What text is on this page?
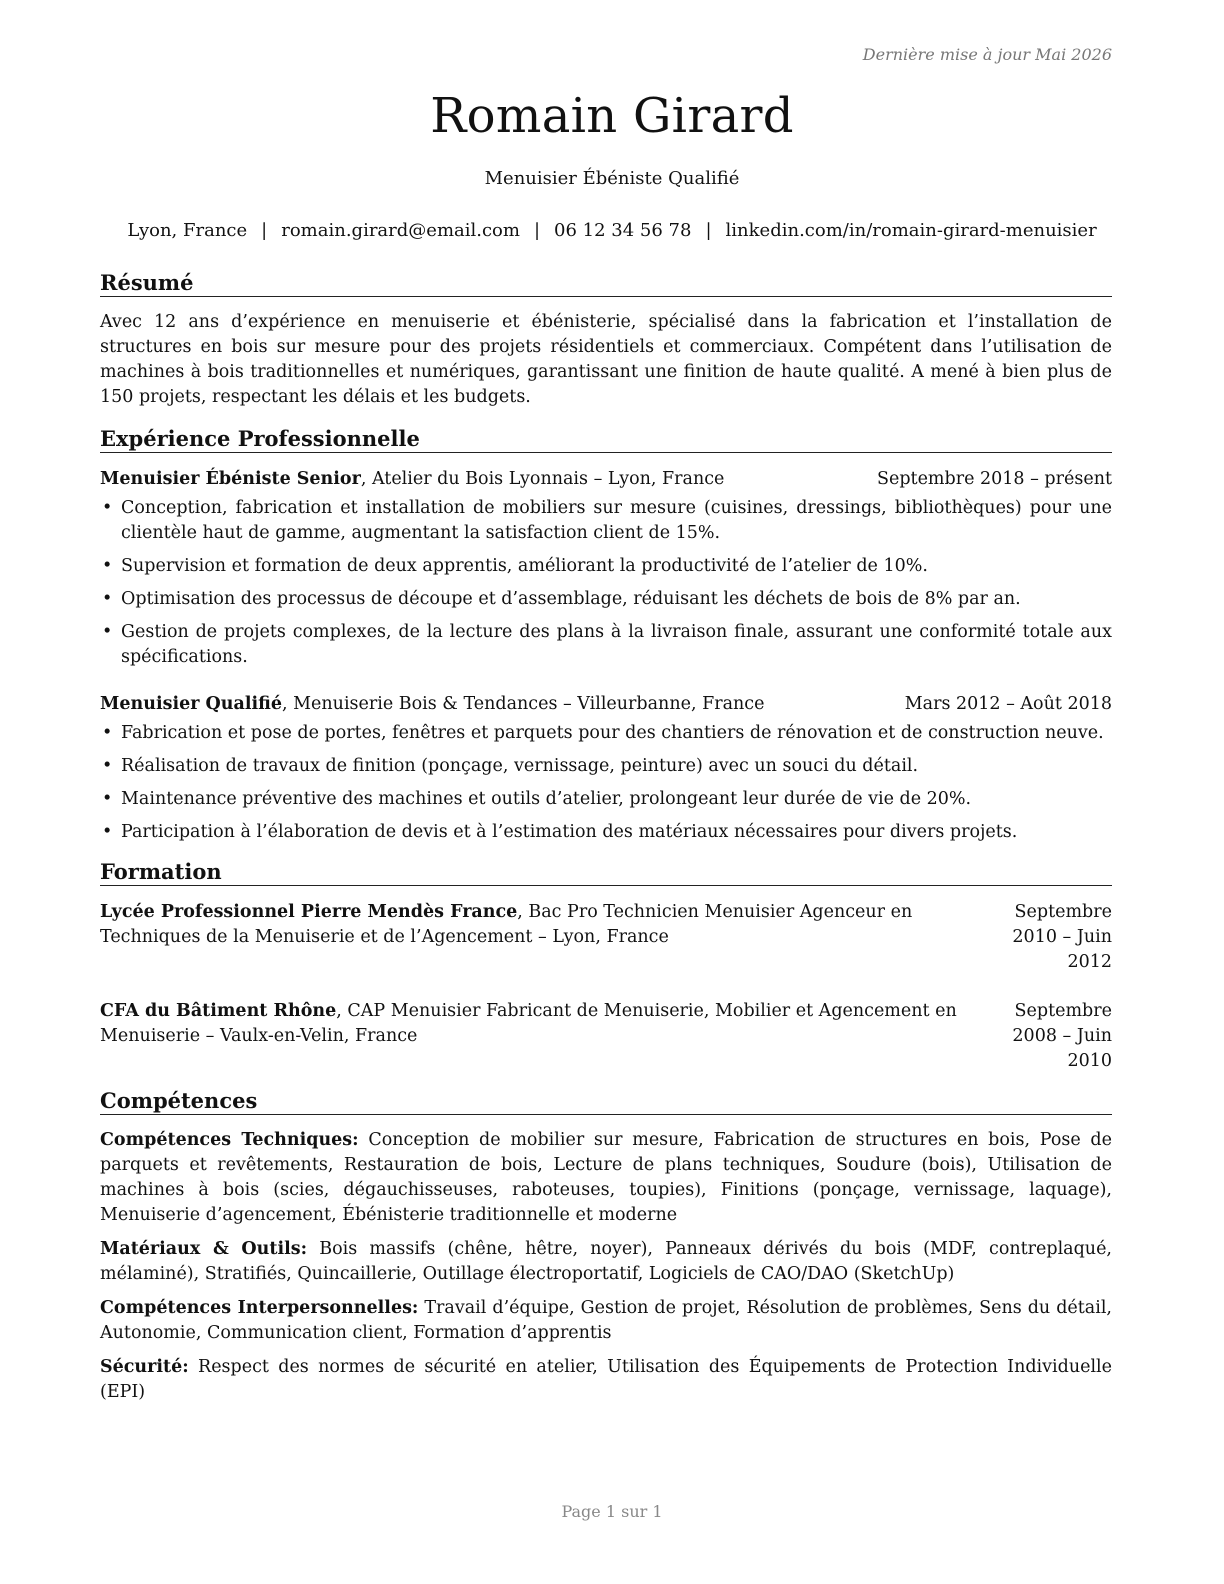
Dernière mise à jour Mai 2026
Romain Girard
Menuisier Ébéniste Qualifié
Lyon, France | romain.girard@email.com | 06 12 34 56 78 | linkedin.com/in/romain-girard-menuisier
Résumé

Avec 12 ans d’expérience en menuiserie et ébénisterie, spécialisé dans la fabrication et l’installation de structures en bois sur mesure pour des projets résidentiels et commerciaux. Compétent dans l’utilisation de machines à bois traditionnelles et numériques, garantissant une finition de haute qualité. A mené à bien plus de 150 projets, respectant les délais et les budgets.

Expérience Professionnelle
Menuisier Ébéniste Senior, Atelier du Bois Lyonnais – Lyon, France	Septembre 2018 – présent
• Conception, fabrication et installation de mobiliers sur mesure (cuisines, dressings, bibliothèques) pour une clientèle haut de gamme, augmentant la satisfaction client de 15%.
• Supervision et formation de deux apprentis, améliorant la productivité de l’atelier de 10%.
• Optimisation des processus de découpe et d’assemblage, réduisant les déchets de bois de 8% par an.
• Gestion de projets complexes, de la lecture des plans à la livraison finale, assurant une conformité totale aux spécifications.
Menuisier Qualifié, Menuiserie Bois & Tendances – Villeurbanne, France	Mars 2012 – Août 2018
• Fabrication et pose de portes, fenêtres et parquets pour des chantiers de rénovation et de construction neuve.
• Réalisation de travaux de finition (ponçage, vernissage, peinture) avec un souci du détail.
• Maintenance préventive des machines et outils d’atelier, prolongeant leur durée de vie de 20%.
• Participation à l’élaboration de devis et à l’estimation des matériaux nécessaires pour divers projets.
Formation
Lycée Professionnel Pierre Mendès France, Bac Pro Technicien Menuisier Agenceur en Techniques de la Menuiserie et de l’Agencement – Lyon, France
Septembre 2010 – Juin 2012
CFA du Bâtiment Rhône, CAP Menuisier Fabricant de Menuiserie, Mobilier et Agencement en Menuiserie – Vaulx-en-Velin, France
Septembre 2008 – Juin 2010
Compétences

Compétences Techniques: Conception de mobilier sur mesure, Fabrication de structures en bois, Pose de parquets et revêtements, Restauration de bois, Lecture de plans techniques, Soudure (bois), Utilisation de machines à bois (scies, dégauchisseuses, raboteuses, toupies), Finitions (ponçage, vernissage, laquage), Menuiserie d’agencement, Ébénisterie traditionnelle et moderne

Matériaux & Outils: Bois massifs (chêne, hêtre, noyer), Panneaux dérivés du bois (MDF, contreplaqué, mélaminé), Stratifiés, Quincaillerie, Outillage électroportatif, Logiciels de CAO/DAO (SketchUp)

Compétences Interpersonnelles: Travail d’équipe, Gestion de projet, Résolution de problèmes, Sens du détail, Autonomie, Communication client, Formation d’apprentis

Sécurité: Respect des normes de sécurité en atelier, Utilisation des Équipements de Protection Individuelle (EPI)

Page 1 sur 1
